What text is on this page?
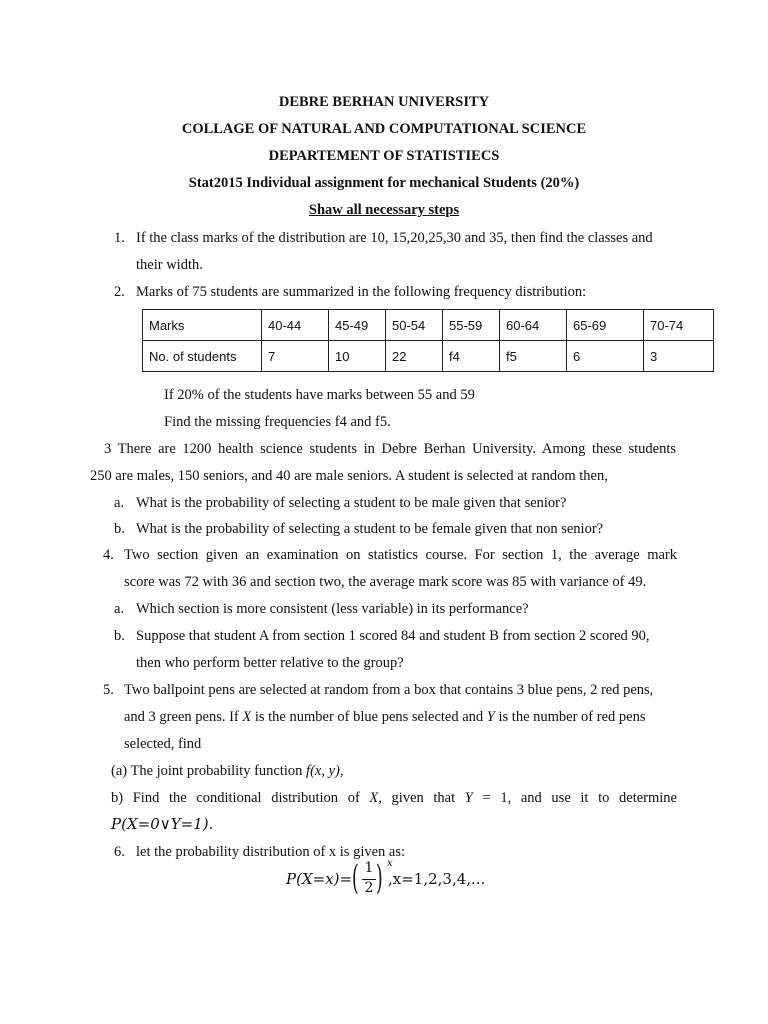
DEBRE BERHAN UNIVERSITY
COLLAGE OF NATURAL AND COMPUTATIONAL SCIENCE
DEPARTEMENT OF STATISTIECS
Stat2015 Individual assignment for mechanical Students (20%)
Shaw all necessary steps
1. If the class marks of the distribution are 10, 15,20,25,30 and 35, then find the classes and
their width.
2. Marks of 75 students are summarized in the following frequency distribution:
Marks	40-44	45-49	50-54	55-59	60-64	65-69	70-74
No. of students	7	10	22	f4	f5	6	3
If 20% of the students have marks between 55 and 59
Find the missing frequencies f4 and f5.
3 There are 1200 health science students in Debre Berhan University. Among these students
250 are males, 150 seniors, and 40 are male seniors. A student is selected at random then,
a. What is the probability of selecting a student to be male given that senior?
b. What is the probability of selecting a student to be female given that non senior?
4. Two section given an examination on statistics course. For section 1, the average mark
score was 72 with 36 and section two, the average mark score was 85 with variance of 49.
a. Which section is more consistent (less variable) in its performance?
b. Suppose that student A from section 1 scored 84 and student B from section 2 scored 90,
then who perform better relative to the group?
5. Two ballpoint pens are selected at random from a box that contains 3 blue pens, 2 red pens,
and 3 green pens. If X is the number of blue pens selected and Y is the number of red pens
selected, find
(a) The joint probability function f(x, y),
b) Find the conditional distribution of X, given that Y = 1, and use it to determine
P(X=0∨Y=1).
6. let the probability distribution of x is given as:
P(X=x)= ( 1
2 ) x
,x=1,2,3,4,...
